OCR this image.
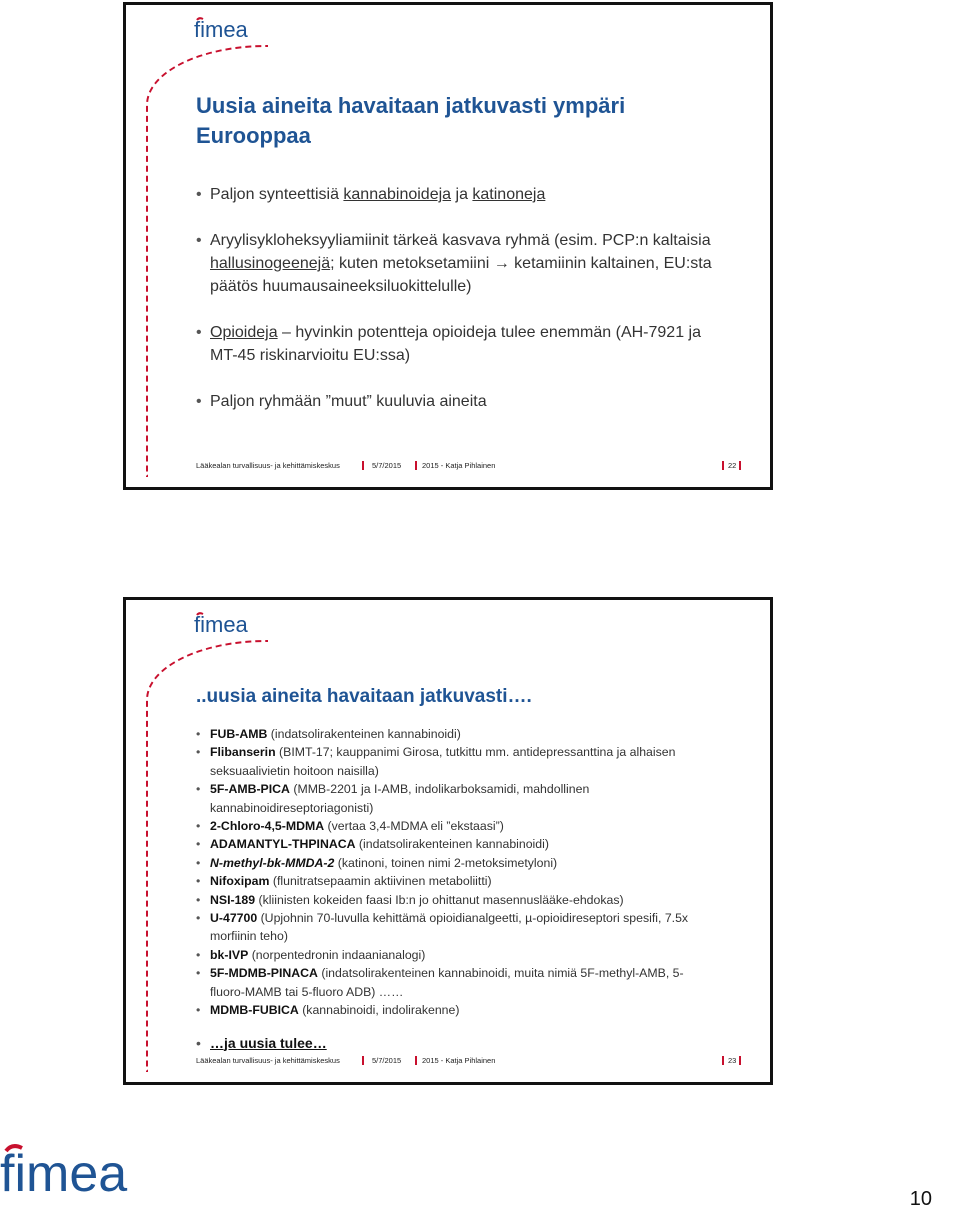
fimea
Uusia aineita havaitaan jatkuvasti ympäri Eurooppaa
• Paljon synteettisiä kannabinoideja ja katinoneja
• Aryylisykloheksyyliamiinit tärkeä kasvava ryhmä (esim. PCP:n kaltaisia hallusinogeenejä; kuten metoksetamiini → ketamiinin kaltainen, EU:sta päätös huumausaineeksiluokittelulle)
• Opioideja – hyvinkin potentteja opioideja tulee enemmän (AH-7921 ja MT-45 riskinarvioitu EU:ssa)
• Paljon ryhmään ”muut” kuuluvia aineita
Lääkealan turvallisuus- ja kehittämiskeskus	5/7/2015	2015 - Katja Pihlainen	22
fimea
..uusia aineita havaitaan jatkuvasti….
• FUB-AMB (indatsolirakenteinen kannabinoidi)
• Flibanserin (BIMT-17; kauppanimi Girosa, tutkittu mm. antidepressanttina ja alhaisen seksuaalivietin hoitoon naisilla)
• 5F-AMB-PICA (MMB-2201 ja I-AMB, indolikarboksamidi, mahdollinen kannabinoidireseptoriagonisti)
• 2-Chloro-4,5-MDMA (vertaa 3,4-MDMA eli ”ekstaasi”)
• ADAMANTYL-THPINACA (indatsolirakenteinen kannabinoidi)
• N-methyl-bk-MMDA-2 (katinoni, toinen nimi 2-metoksimetyloni)
• Nifoxipam (flunitratsepaamin aktiivinen metaboliitti)
• NSI-189 (kliinisten kokeiden faasi Ib:n jo ohittanut masennuslääke-ehdokas)
• U-47700 (Upjohnin 70-luvulla kehittämä opioidianalgeetti, µ-opioidireseptori spesifi, 7.5x morfiinin teho)
• bk-IVP (norpentedronin indaanianalogi)
• 5F-MDMB-PINACA (indatsolirakenteinen kannabinoidi, muita nimiä 5F-methyl-AMB, 5-fluoro-MAMB tai 5-fluoro ADB) ……
• MDMB-FUBICA (kannabinoidi, indolirakenne)
• …ja uusia tulee…
Lääkealan turvallisuus- ja kehittämiskeskus	5/7/2015	2015 - Katja Pihlainen	23
fimea	10
